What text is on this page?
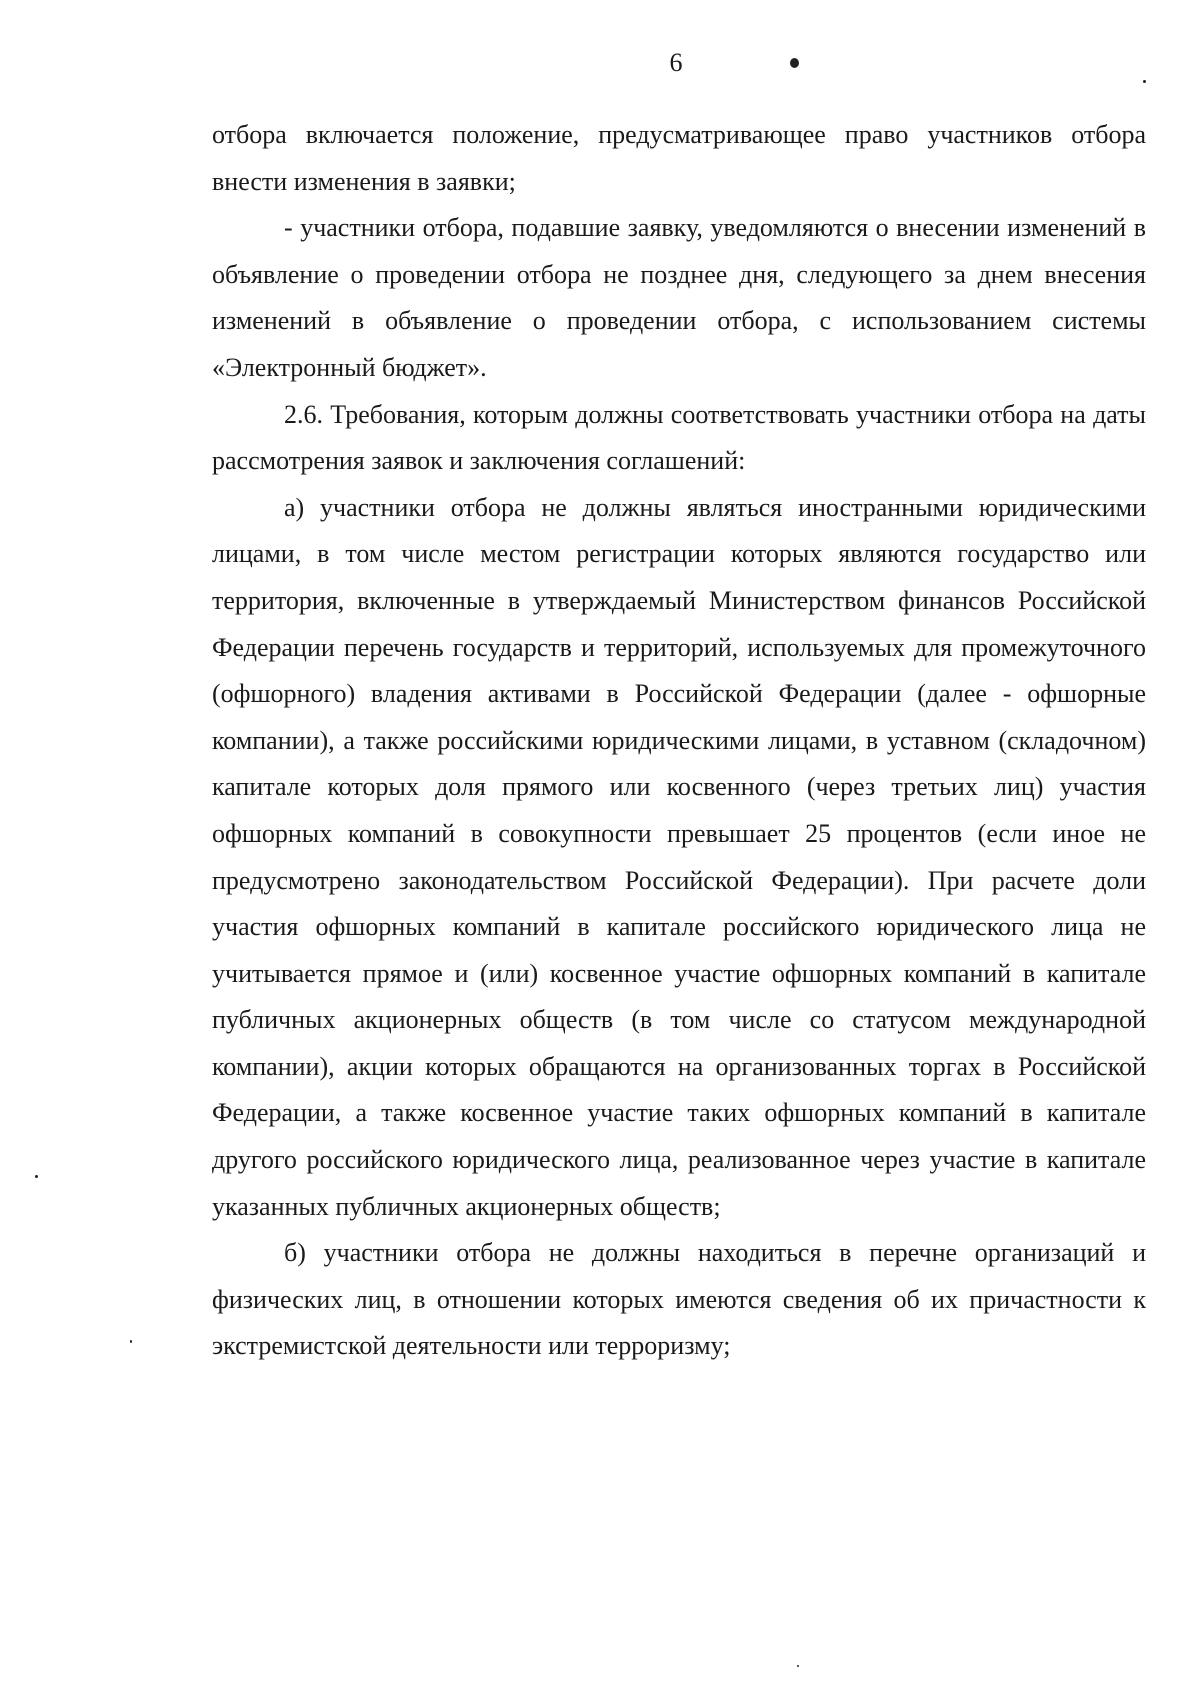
6

отбора включается положение, предусматривающее право участников отбора внести изменения в заявки;

- участники отбора, подавшие заявку, уведомляются о внесении изменений в объявление о проведении отбора не позднее дня, следующего за днем внесения изменений в объявление о проведении отбора, с использованием системы «Электронный бюджет».

2.6. Требования, которым должны соответствовать участники отбора на даты рассмотрения заявок и заключения соглашений:

а) участники отбора не должны являться иностранными юридическими лицами, в том числе местом регистрации которых являются государство или территория, включенные в утверждаемый Министерством финансов Российской Федерации перечень государств и территорий, используемых для промежуточного (офшорного) владения активами в Российской Федерации (далее - офшорные компании), а также российскими юридическими лицами, в уставном (складочном) капитале которых доля прямого или косвенного (через третьих лиц) участия офшорных компаний в совокупности превышает 25 процентов (если иное не предусмотрено законодательством Российской Федерации). При расчете доли участия офшорных компаний в капитале российского юридического лица не учитывается прямое и (или) косвенное участие офшорных компаний в капитале публичных акционерных обществ (в том числе со статусом международной компании), акции которых обращаются на организованных торгах в Российской Федерации, а также косвенное участие таких офшорных компаний в капитале другого российского юридического лица, реализованное через участие в капитале указанных публичных акционерных обществ;

б) участники отбора не должны находиться в перечне организаций и физических лиц, в отношении которых имеются сведения об их причастности к экстремистской деятельности или терроризму;
